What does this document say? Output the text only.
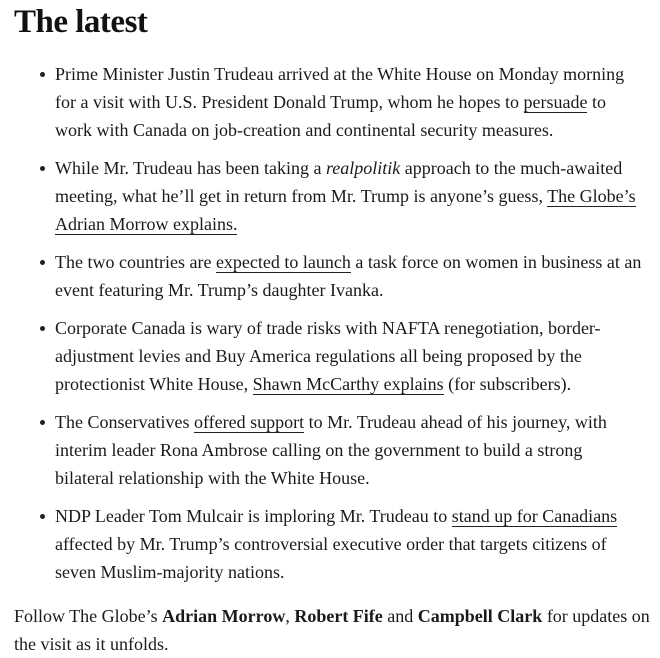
The latest
Prime Minister Justin Trudeau arrived at the White House on Monday morning for a visit with U.S. President Donald Trump, whom he hopes to persuade to work with Canada on job-creation and continental security measures.
While Mr. Trudeau has been taking a realpolitik approach to the much-awaited meeting, what he’ll get in return from Mr. Trump is anyone’s guess, The Globe’s Adrian Morrow explains.
The two countries are expected to launch a task force on women in business at an event featuring Mr. Trump’s daughter Ivanka.
Corporate Canada is wary of trade risks with NAFTA renegotiation, border-adjustment levies and Buy America regulations all being proposed by the protectionist White House, Shawn McCarthy explains (for subscribers).
The Conservatives offered support to Mr. Trudeau ahead of his journey, with interim leader Rona Ambrose calling on the government to build a strong bilateral relationship with the White House.
NDP Leader Tom Mulcair is imploring Mr. Trudeau to stand up for Canadians affected by Mr. Trump’s controversial executive order that targets citizens of seven Muslim-majority nations.

Follow The Globe’s Adrian Morrow, Robert Fife and Campbell Clark for updates on the visit as it unfolds.
